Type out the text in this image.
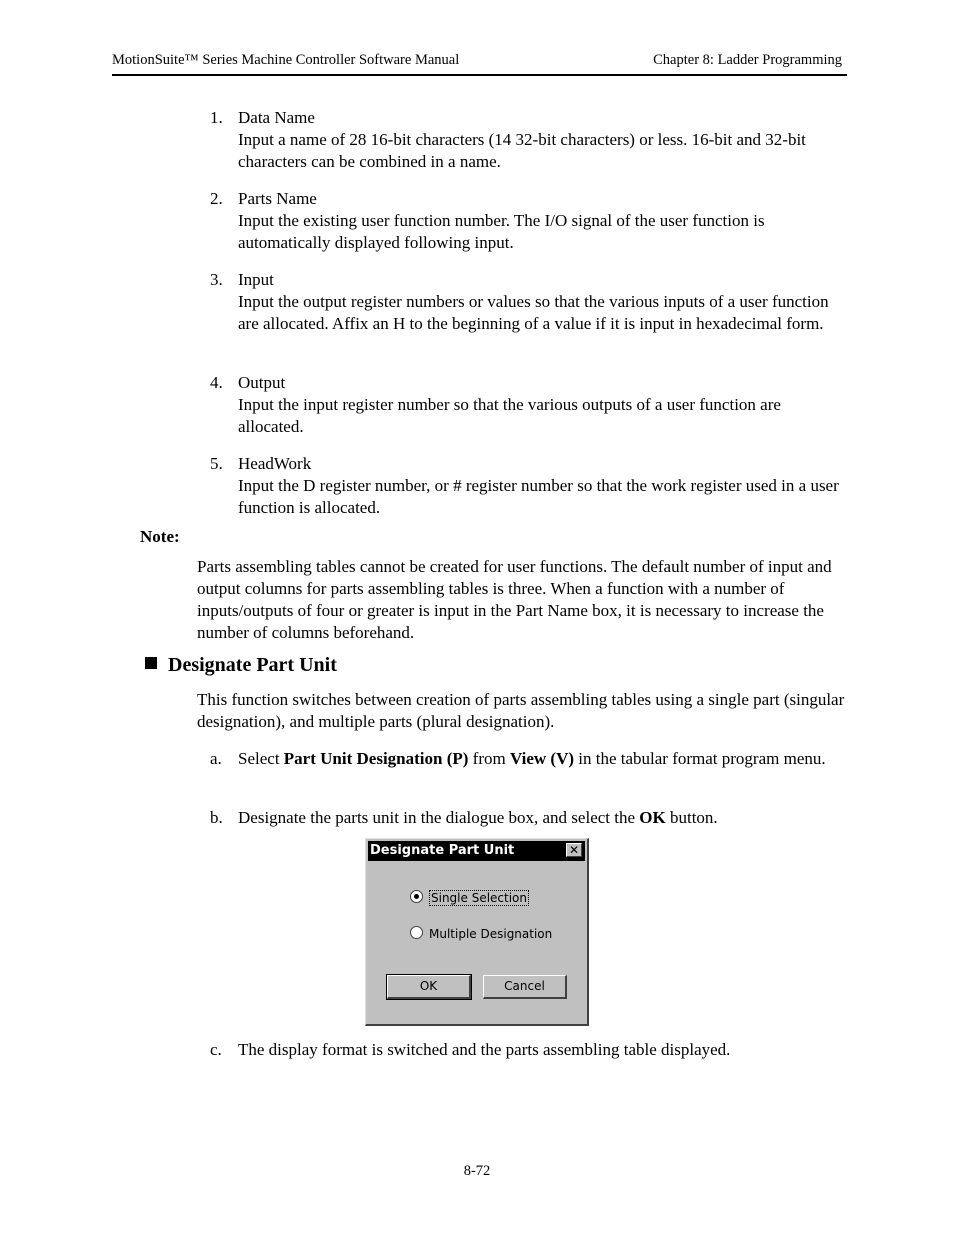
MotionSuite™ Series Machine Controller Software Manual	Chapter 8: Ladder Programming
1. Data Name
Input a name of 28 16-bit characters (14 32-bit characters) or less. 16-bit and 32-bit characters can be combined in a name.
2. Parts Name
Input the existing user function number. The I/O signal of the user function is automatically displayed following input.
3. Input
Input the output register numbers or values so that the various inputs of a user function are allocated. Affix an H to the beginning of a value if it is input in hexadecimal form.
4. Output
Input the input register number so that the various outputs of a user function are allocated.
5. HeadWork
Input the D register number, or # register number so that the work register used in a user function is allocated.
Note:
Parts assembling tables cannot be created for user functions. The default number of input and output columns for parts assembling tables is three. When a function with a number of inputs/outputs of four or greater is input in the Part Name box, it is necessary to increase the number of columns beforehand.
Designate Part Unit
This function switches between creation of parts assembling tables using a single part (singular designation), and multiple parts (plural designation).
a. Select Part Unit Designation (P) from View (V) in the tabular format program menu.
b. Designate the parts unit in the dialogue box, and select the OK button.
Designate Part Unit	✕
Single Selection
Multiple Designation
OK	Cancel
c. The display format is switched and the parts assembling table displayed.
8-72
